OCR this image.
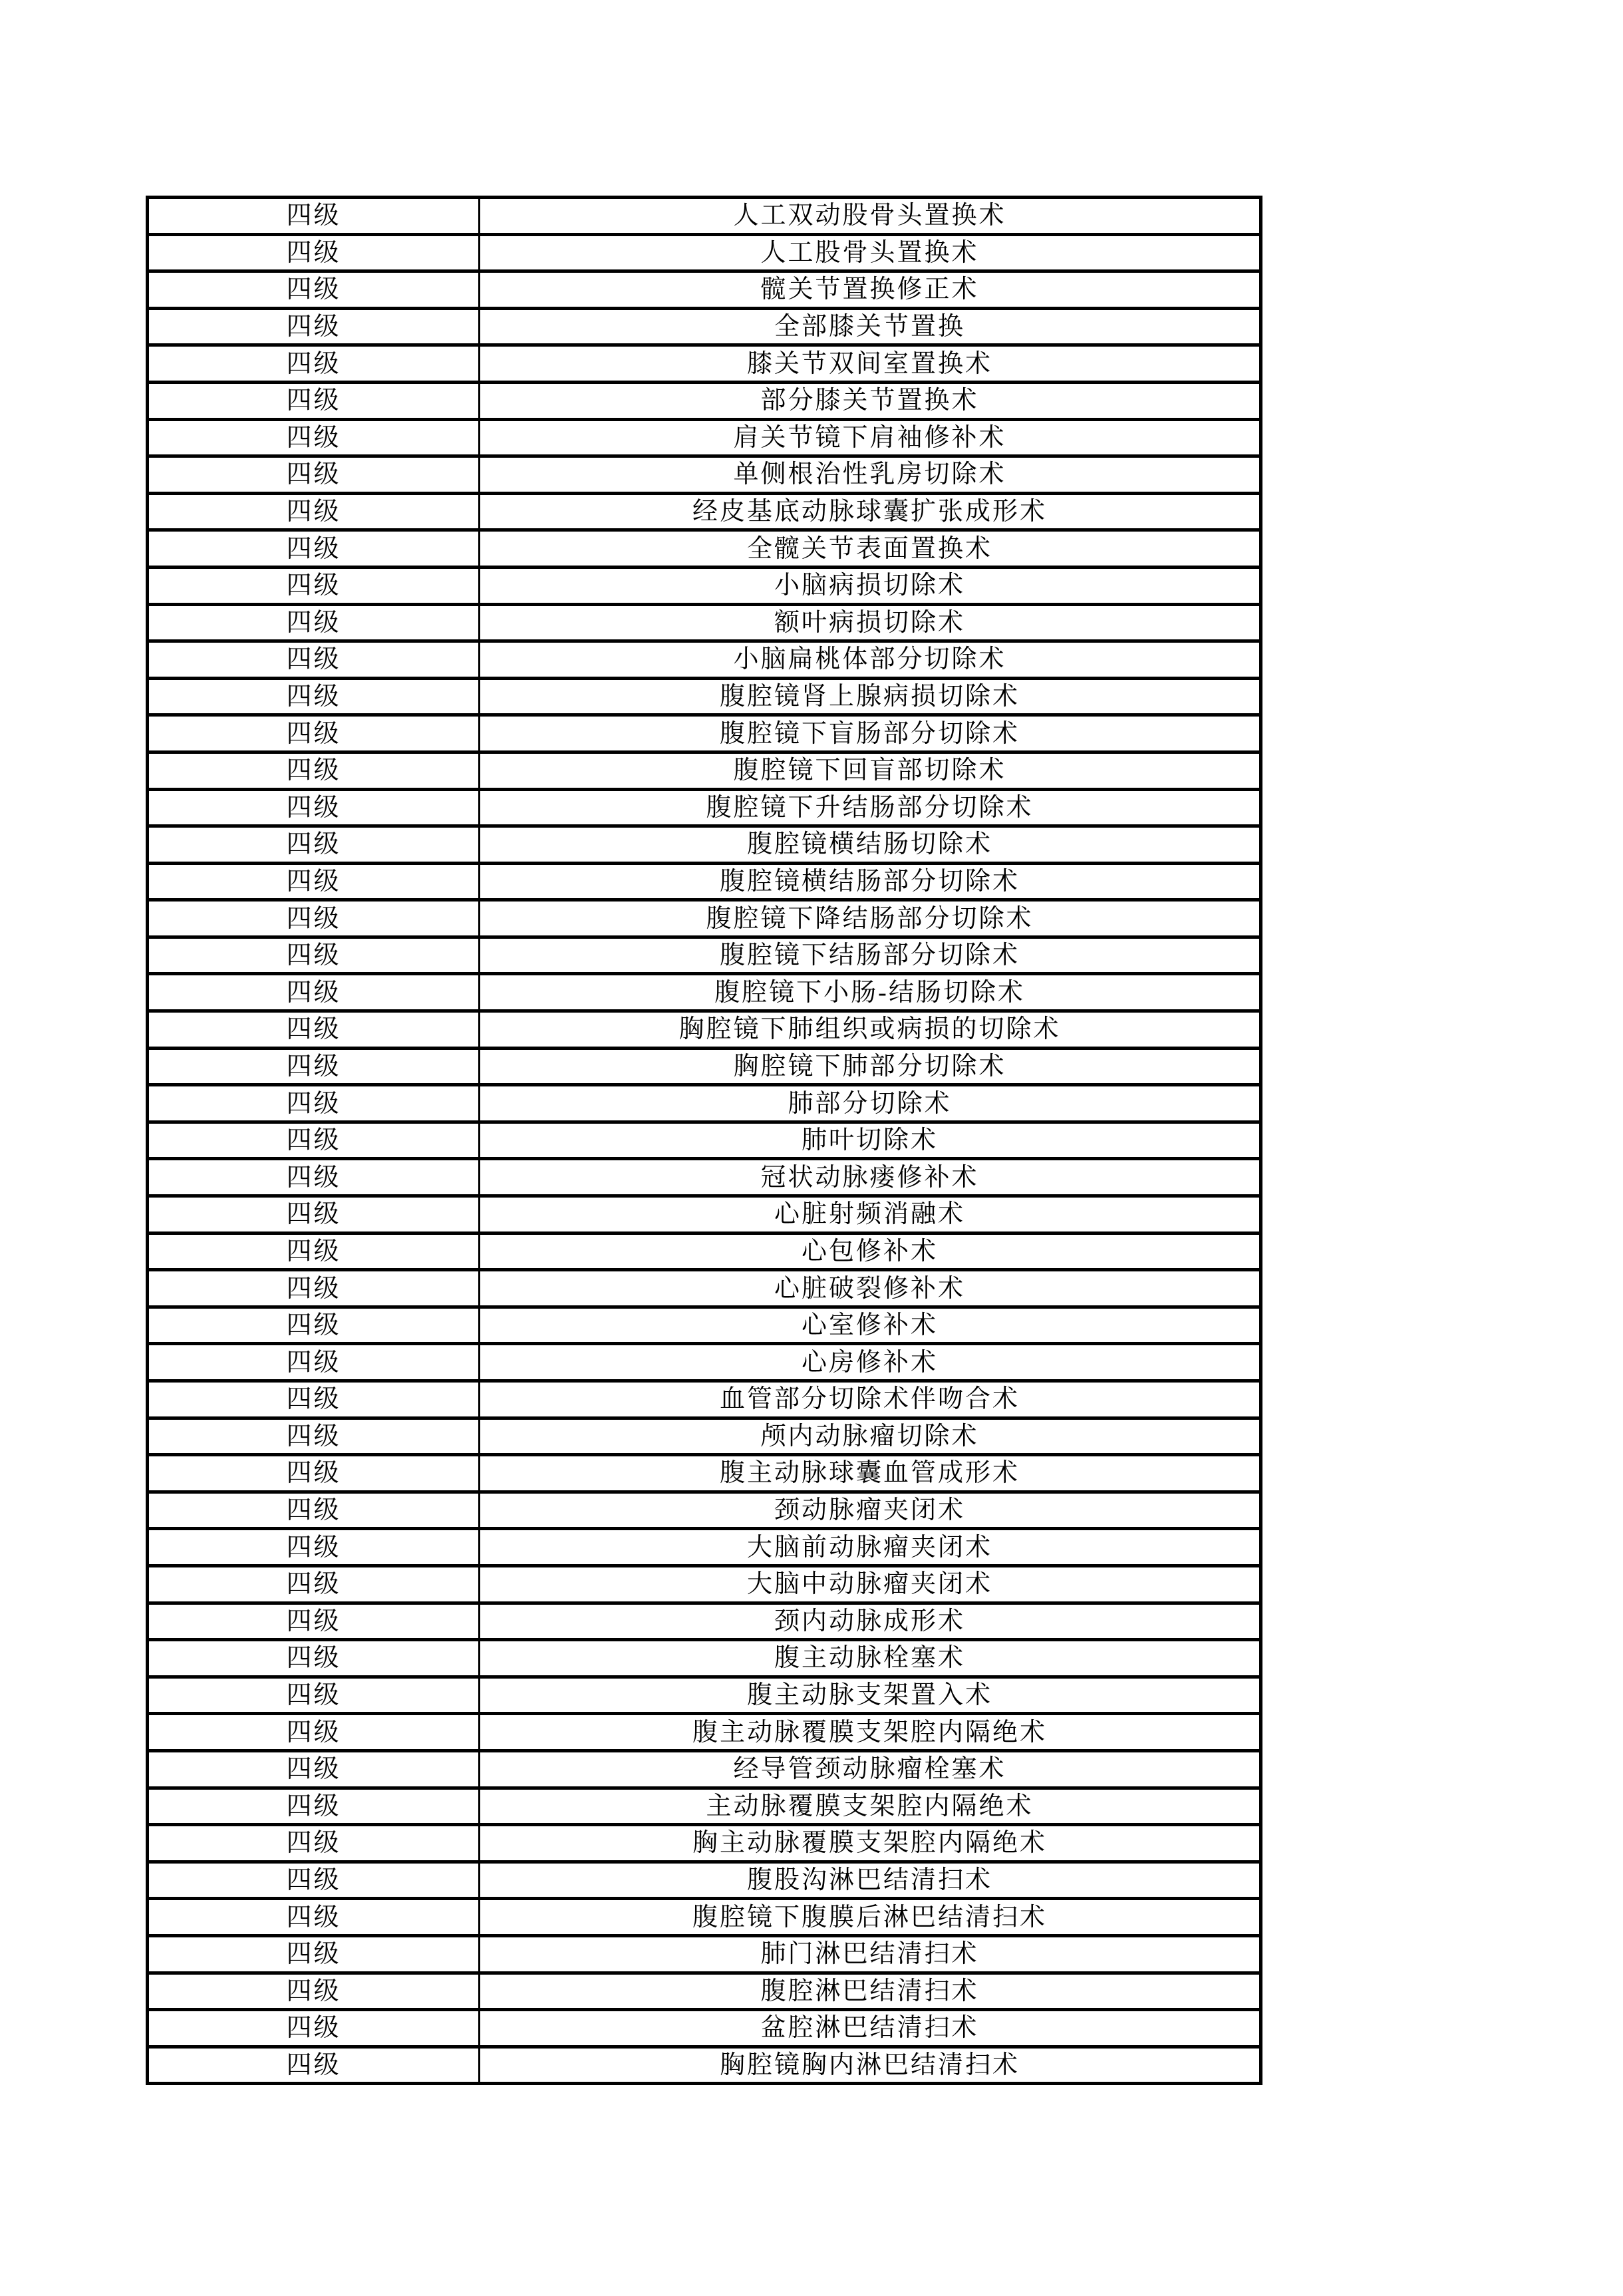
四级	人工双动股骨头置换术
四级	人工股骨头置换术
四级	髋关节置换修正术
四级	全部膝关节置换
四级	膝关节双间室置换术
四级	部分膝关节置换术
四级	肩关节镜下肩袖修补术
四级	单侧根治性乳房切除术
四级	经皮基底动脉球囊扩张成形术
四级	全髋关节表面置换术
四级	小脑病损切除术
四级	额叶病损切除术
四级	小脑扁桃体部分切除术
四级	腹腔镜肾上腺病损切除术
四级	腹腔镜下盲肠部分切除术
四级	腹腔镜下回盲部切除术
四级	腹腔镜下升结肠部分切除术
四级	腹腔镜横结肠切除术
四级	腹腔镜横结肠部分切除术
四级	腹腔镜下降结肠部分切除术
四级	腹腔镜下结肠部分切除术
四级	腹腔镜下小肠-结肠切除术
四级	胸腔镜下肺组织或病损的切除术
四级	胸腔镜下肺部分切除术
四级	肺部分切除术
四级	肺叶切除术
四级	冠状动脉瘘修补术
四级	心脏射频消融术
四级	心包修补术
四级	心脏破裂修补术
四级	心室修补术
四级	心房修补术
四级	血管部分切除术伴吻合术
四级	颅内动脉瘤切除术
四级	腹主动脉球囊血管成形术
四级	颈动脉瘤夹闭术
四级	大脑前动脉瘤夹闭术
四级	大脑中动脉瘤夹闭术
四级	颈内动脉成形术
四级	腹主动脉栓塞术
四级	腹主动脉支架置入术
四级	腹主动脉覆膜支架腔内隔绝术
四级	经导管颈动脉瘤栓塞术
四级	主动脉覆膜支架腔内隔绝术
四级	胸主动脉覆膜支架腔内隔绝术
四级	腹股沟淋巴结清扫术
四级	腹腔镜下腹膜后淋巴结清扫术
四级	肺门淋巴结清扫术
四级	腹腔淋巴结清扫术
四级	盆腔淋巴结清扫术
四级	胸腔镜胸内淋巴结清扫术
